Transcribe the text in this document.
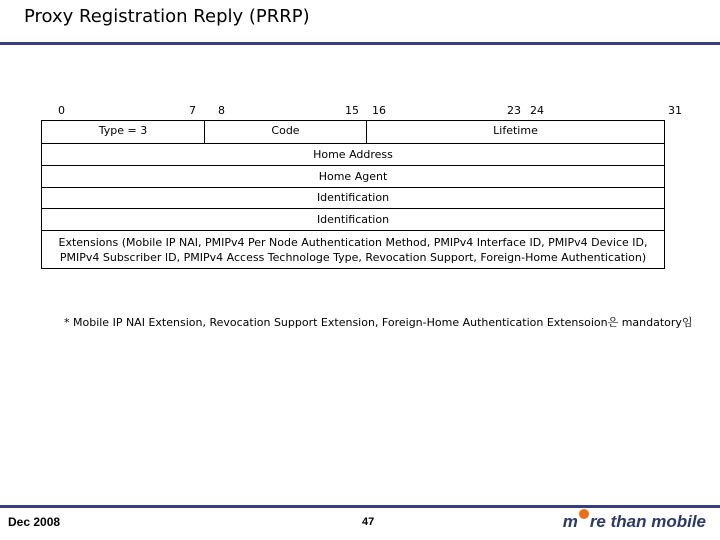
Proxy Registration Reply (PRRP)
0	7 8	15 16	23 24	31
Type = 3	Code	Lifetime
Home Address
Home Agent
Identification
Identification
Extensions (Mobile IP NAI, PMIPv4 Per Node Authentication Method, PMIPv4 Interface ID, PMIPv4 Device ID,
PMIPv4 Subscriber ID, PMIPv4 Access Technologe Type, Revocation Support, Foreign-Home Authentication)
* Mobile IP NAI Extension, Revocation Support Extension, Foreign-Home Authentication Extensoion은 mandatory임
Dec 2008	47	m re than mobile
